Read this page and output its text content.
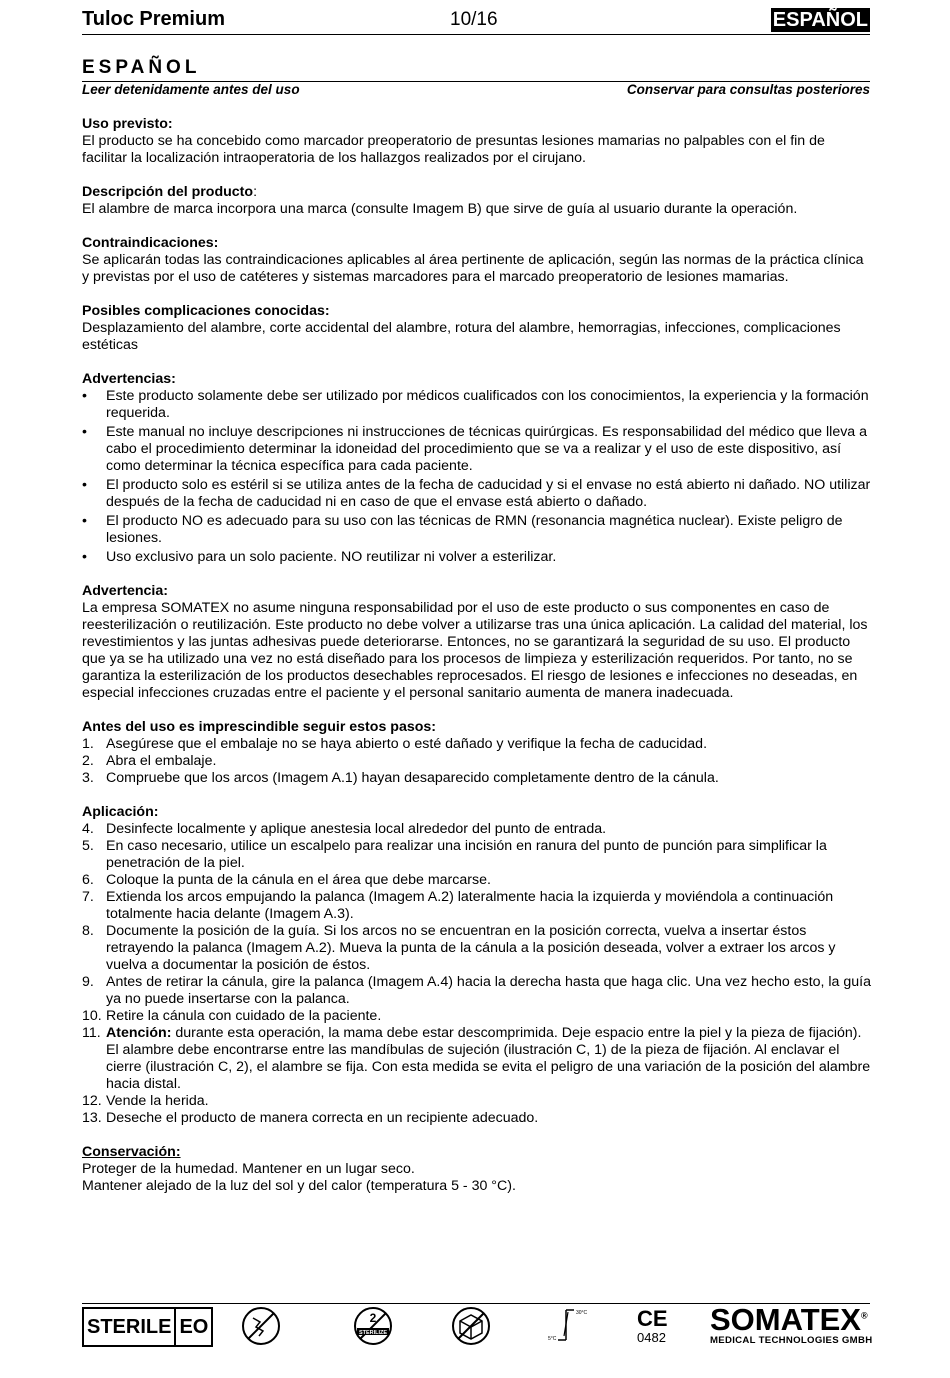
Tuloc Premium	10/16	ESPAÑOL
ESPAÑOL
Leer detenidamente antes del uso	Conservar para consultas posteriores

Uso previsto:

El producto se ha concebido como marcador preoperatorio de presuntas lesiones mamarias no palpables con el fin de facilitar la localización intraoperatoria de los hallazgos realizados por el cirujano.

Descripción del producto:

El alambre de marca incorpora una marca (consulte Imagem B) que sirve de guía al usuario durante la operación.

Contraindicaciones:

Se aplicarán todas las contraindicaciones aplicables al área pertinente de aplicación, según las normas de la práctica clínica y previstas por el uso de catéteres y sistemas marcadores para el marcado preoperatorio de lesiones mamarias.

Posibles complicaciones conocidas:

Desplazamiento del alambre, corte accidental del alambre, rotura del alambre, hemorragias, infecciones, complicaciones estéticas

Advertencias:

• Este producto solamente debe ser utilizado por médicos cualificados con los conocimientos, la experiencia y la formación requerida.
• Este manual no incluye descripciones ni instrucciones de técnicas quirúrgicas. Es responsabilidad del médico que lleva a cabo el procedimiento determinar la idoneidad del procedimiento que se va a realizar y el uso de este dispositivo, así como determinar la técnica específica para cada paciente.
• El producto solo es estéril si se utiliza antes de la fecha de caducidad y si el envase no está abierto ni dañado. NO utilizar después de la fecha de caducidad ni en caso de que el envase está abierto o dañado.
• El producto NO es adecuado para su uso con las técnicas de RMN (resonancia magnética nuclear). Existe peligro de lesiones.
• Uso exclusivo para un solo paciente. NO reutilizar ni volver a esterilizar.

Advertencia:

La empresa SOMATEX no asume ninguna responsabilidad por el uso de este producto o sus componentes en caso de reesterilización o reutilización. Este producto no debe volver a utilizarse tras una única aplicación. La calidad del material, los revestimientos y las juntas adhesivas puede deteriorarse. Entonces, no se garantizará la seguridad de su uso. El producto que ya se ha utilizado una vez no está diseñado para los procesos de limpieza y esterilización requeridos. Por tanto, no se garantiza la esterilización de los productos desechables reprocesados. El riesgo de lesiones e infecciones no deseadas, en especial infecciones cruzadas entre el paciente y el personal sanitario aumenta de manera inadecuada.

Antes del uso es imprescindible seguir estos pasos:

1. Asegúrese que el embalaje no se haya abierto o esté dañado y verifique la fecha de caducidad.
2. Abra el embalaje.
3. Compruebe que los arcos (Imagem A.1) hayan desaparecido completamente dentro de la cánula.

Aplicación:

4. Desinfecte localmente y aplique anestesia local alrededor del punto de entrada.
5. En caso necesario, utilice un escalpelo para realizar una incisión en ranura del punto de punción para simplificar la penetración de la piel.
6. Coloque la punta de la cánula en el área que debe marcarse.
7. Extienda los arcos empujando la palanca (Imagem A.2) lateralmente hacia la izquierda y moviéndola a continuación totalmente hacia delante (Imagem A.3).
8. Documente la posición de la guía. Si los arcos no se encuentran en la posición correcta, vuelva a insertar éstos retrayendo la palanca (Imagem A.2). Mueva la punta de la cánula a la posición deseada, volver a extraer los arcos y vuelva a documentar la posición de éstos.
9. Antes de retirar la cánula, gire la palanca (Imagem A.4) hacia la derecha hasta que haga clic. Una vez hecho esto, la guía ya no puede insertarse con la palanca.
10. Retire la cánula con cuidado de la paciente.
11. Atención: durante esta operación, la mama debe estar descomprimida. Deje espacio entre la piel y la pieza de fijación). El alambre debe encontrarse entre las mandíbulas de sujeción (ilustración C, 1) de la pieza de fijación. Al enclavar el cierre (ilustración C, 2), el alambre se fija. Con esta medida se evita el peligro de una variación de la posición del alambre hacia distal.
12. Vende la herida.
13. Deseche el producto de manera correcta en un recipiente adecuado.

Conservación:

Proteger de la humedad. Mantener en un lugar seco.

Mantener alejado de la luz del sol y del calor (temperatura 5 - 30 °C).

STERILE EO	2
STERILIZE
30°C
5°C
CE
0482
SOMATEX®
MEDICAL TECHNOLOGIES GMBH
